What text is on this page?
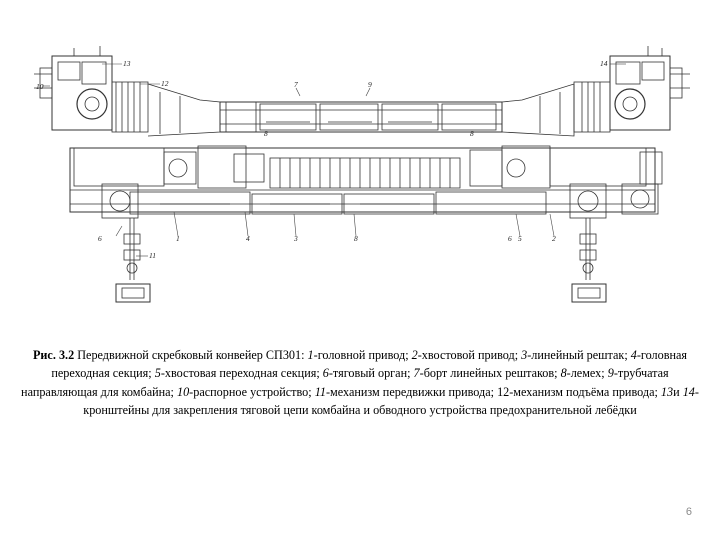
10
13
12	7	9
14
6	1	4	3	8	5	2
11
6
8	8
Рис. 3.2 Передвижной скребковый конвейер СП301: 1-головной привод; 2-хвостовой привод; 3-линейный рештак; 4-головная переходная секция; 5-хвостовая переходная секция; 6-тяговый орган; 7-борт линейных рештаков; 8-лемех; 9-трубчатая направляющая для комбайна; 10-распорное устройство; 11-механизм передвижки привода; 12-механизм подъёма привода; 13и 14-кронштейны для закрепления тяговой цепи комбайна и обводного устройства предохранительной лебёдки
6
